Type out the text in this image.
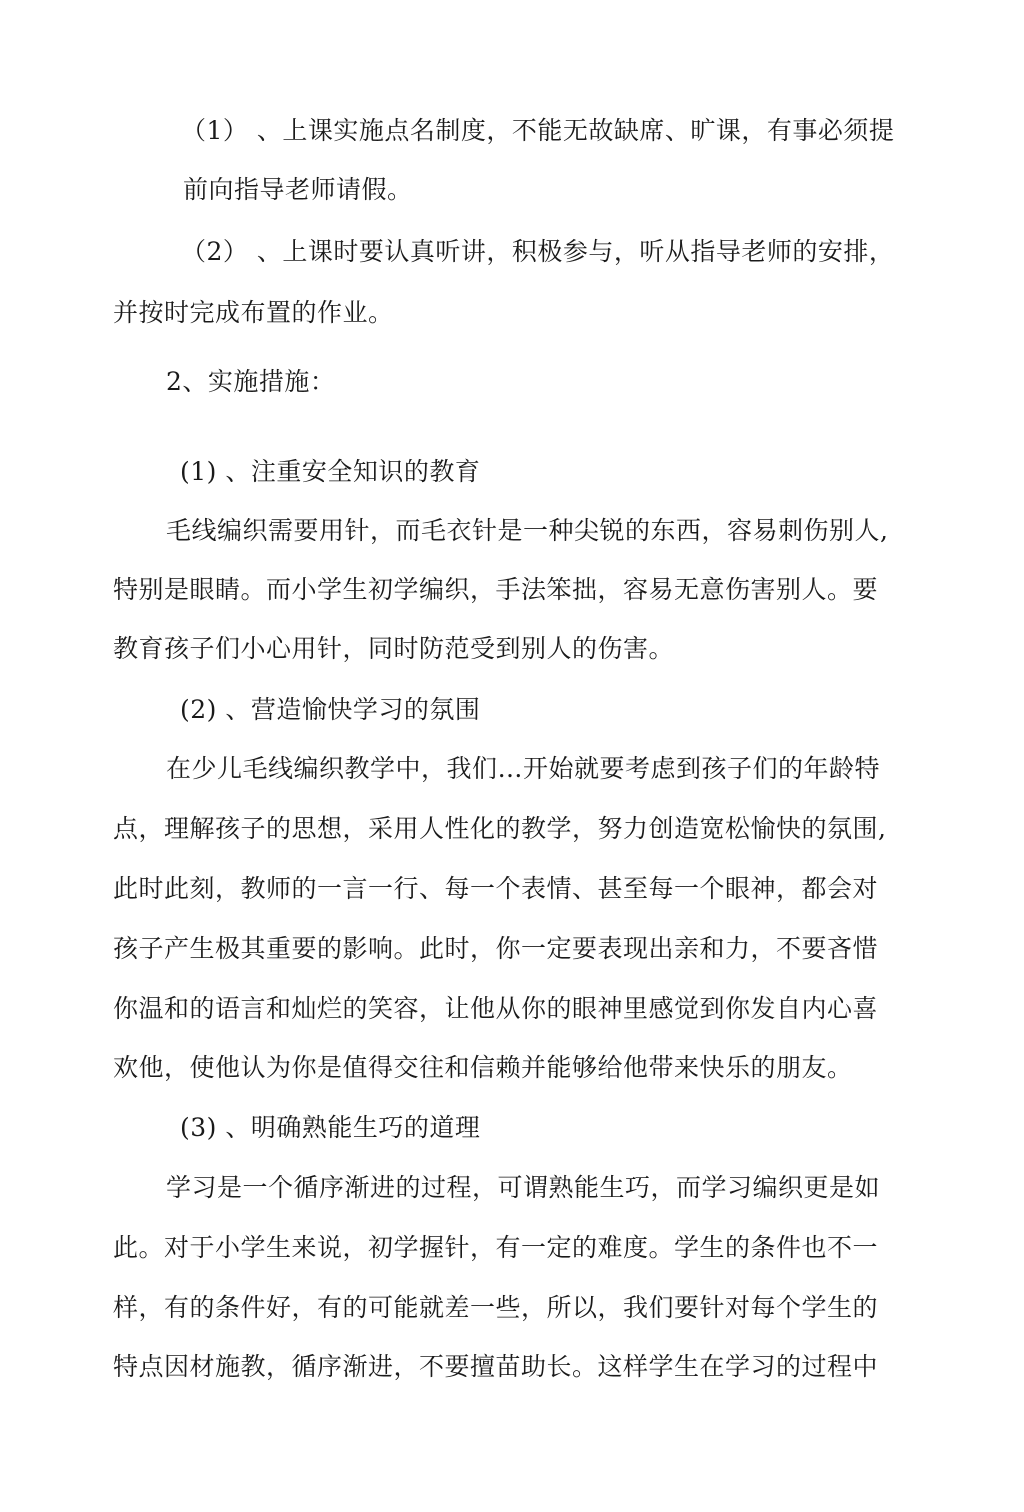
（1） 、上课实施点名制度，不能无故缺席、旷课，有事必须提
前向指导老师请假。
（2） 、上课时要认真听讲，积极参与，听从指导老师的安排，
并按时完成布置的作业。
2、实施措施：
(1) 、注重安全知识的教育
毛线编织需要用针，而毛衣针是一种尖锐的东西，容易刺伤别人,
特别是眼睛。而小学生初学编织，手法笨拙，容易无意伤害别人。要
教育孩子们小心用针，同时防范受到别人的伤害。
(2) 、营造愉快学习的氛围
在少儿毛线编织教学中，我们…开始就要考虑到孩子们的年龄特
点，理解孩子的思想，采用人性化的教学，努力创造宽松愉快的氛围,
此时此刻，教师的一言一行、每一个表情、甚至每一个眼神，都会对
孩子产生极其重要的影响。此时，你一定要表现出亲和力，不要吝惜
你温和的语言和灿烂的笑容，让他从你的眼神里感觉到你发自内心喜
欢他，使他认为你是值得交往和信赖并能够给他带来快乐的朋友。
(3) 、明确熟能生巧的道理
学习是一个循序渐进的过程，可谓熟能生巧，而学习编织更是如
此。对于小学生来说，初学握针，有一定的难度。学生的条件也不一
样，有的条件好，有的可能就差一些，所以，我们要针对每个学生的
特点因材施教，循序渐进，不要擅苗助长。这样学生在学习的过程中
